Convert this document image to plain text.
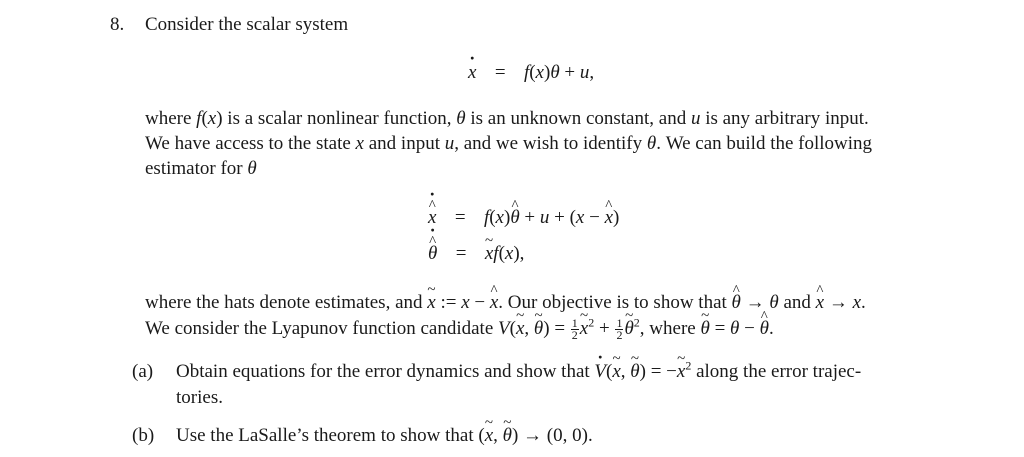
8. Consider the scalar system
· x = f(x)θ + u,
where f(x) is a scalar nonlinear function, θ is an unknown constant, and u is any arbitrary input.
We have access to the state x and input u, and we wish to identify θ. We can build the following
estimator for θ
· x ^ = f(x)θ ^ + u + (x − x ^)
· θ ^ = x ~f(x),
where the hats denote estimates, and x ~ := x − x ^. Our objective is to show that θ ^ → θ and x ^ → x.
We consider the Lyapunov function candidate V(x ~, θ ~) = $\frac{1}{2}$ x ~$^2$ + $\frac{1}{2}$ θ ~$^2$, where θ ~ = θ − θ ^.
(a) Obtain equations for the error dynamics and show that · V(x ~, θ ~) = −x ~$^2$ along the error trajec-
tories.
(b) Use the LaSalle’s theorem to show that (x ~, θ ~) → (0, 0).
